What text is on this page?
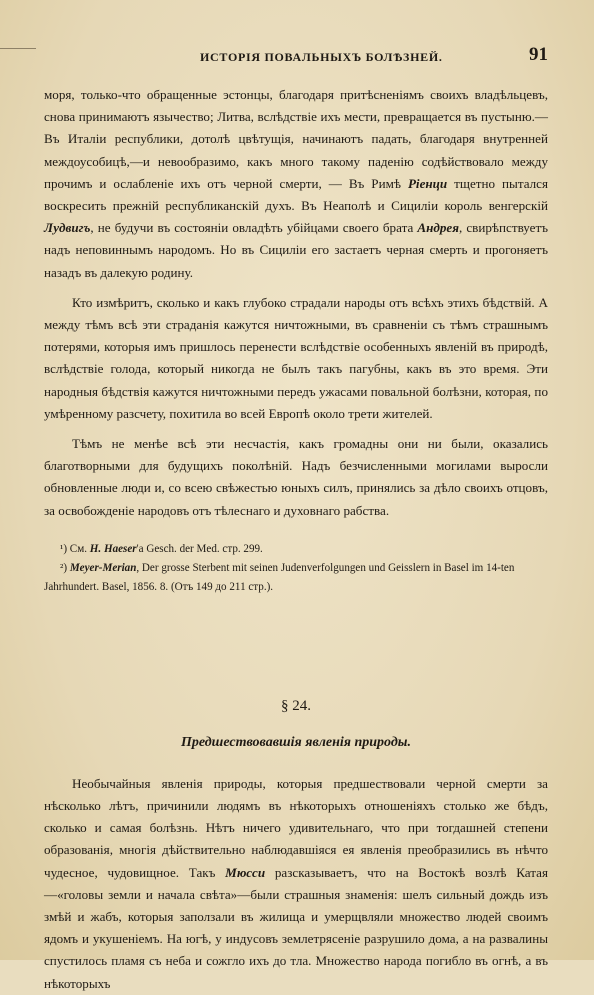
ИСТОРІЯ ПОВАЛЬНЫХЪ БОЛѢЗНЕЙ.	91

моря, только-что обращенные эстонцы, благодаря притѣсненіямъ своихъ владѣльцевъ, снова принимаютъ язычество; Литва, вслѣдствіе ихъ мести, превращается въ пустыню.—Въ Италіи республики, дотолѣ цвѣтущія, начинаютъ падать, благодаря внутренней междоусобицѣ,—и невообразимо, какъ много такому паденію содѣйствовало между прочимъ и ослабленіе ихъ отъ черной смерти, — Въ Римѣ Ріенци тщетно пытался воскресить прежній республиканскій духъ. Въ Неаполѣ и Сициліи король венгерскій Лудвигъ, не будучи въ состояніи овладѣть убійцами своего брата Андрея, свирѣпствуетъ надъ неповиннымъ народомъ. Но въ Сициліи его застаетъ черная смерть и прогоняетъ назадъ въ далекую родину.

Кто измѣритъ, сколько и какъ глубоко страдали народы отъ всѣхъ этихъ бѣдствій. А между тѣмъ всѣ эти страданія кажутся ничтожными, въ сравненіи съ тѣмъ страшнымъ потерями, которыя имъ пришлось перенести вслѣдствіе особенныхъ явленій въ природѣ, вслѣдствіе голода, который никогда не былъ такъ пагубны, какъ въ это время. Эти народныя бѣдствія кажутся ничтожными передъ ужасами повальной болѣзни, которая, по умѣренному разсчету, похитила во всей Европѣ около трети жителей.

Тѣмъ не менѣе всѣ эти несчастія, какъ громадны они ни были, оказались благотворными для будущихъ поколѣній. Надъ безчисленными могилами выросли обновленные люди и, со всею свѣжестью юныхъ силъ, принялись за дѣло своихъ отцовъ, за освобожденіе народовъ отъ тѣлеснаго и духовнаго рабства.

¹) См. Н. Haeser'а Gesch. der Med. стр. 299.

²) Meyer-Merian, Der grosse Sterbent mit seinen Judenverfolgungen und Geisslern in Basel im 14-ten Jahrhundert. Basel, 1856. 8. (Отъ 149 до 211 стр.).

§ 24.
Предшествовавшія явленія природы.
Необычайныя явленія природы, которыя предшествовали черной смерти за нѣсколько лѣтъ, причинили людямъ въ нѣкоторыхъ отношеніяхъ столько же бѣдъ, сколько и самая болѣзнь. Нѣтъ ничего удивительнаго, что при тогдашней степени образованія, многія дѣйствительно наблюдавшіяся ея явленія преобразились въ нѣчто чудесное, чудовищное. Такъ Мюсси разсказываетъ, что на Востокѣ возлѣ Катая—«головы земли и начала свѣта»—были страшныя знаменія: шелъ сильный дождь изъ змѣй и жабъ, которыя заползали въ жилища и умерщвляли множество людей своимъ ядомъ и укушеніемъ. На югѣ, у индусовъ землетрясеніе разрушило дома, а на развалины спустилось пламя съ неба и сожгло ихъ до тла. Множество народа погибло въ огнѣ, а въ нѣкоторыхъ
